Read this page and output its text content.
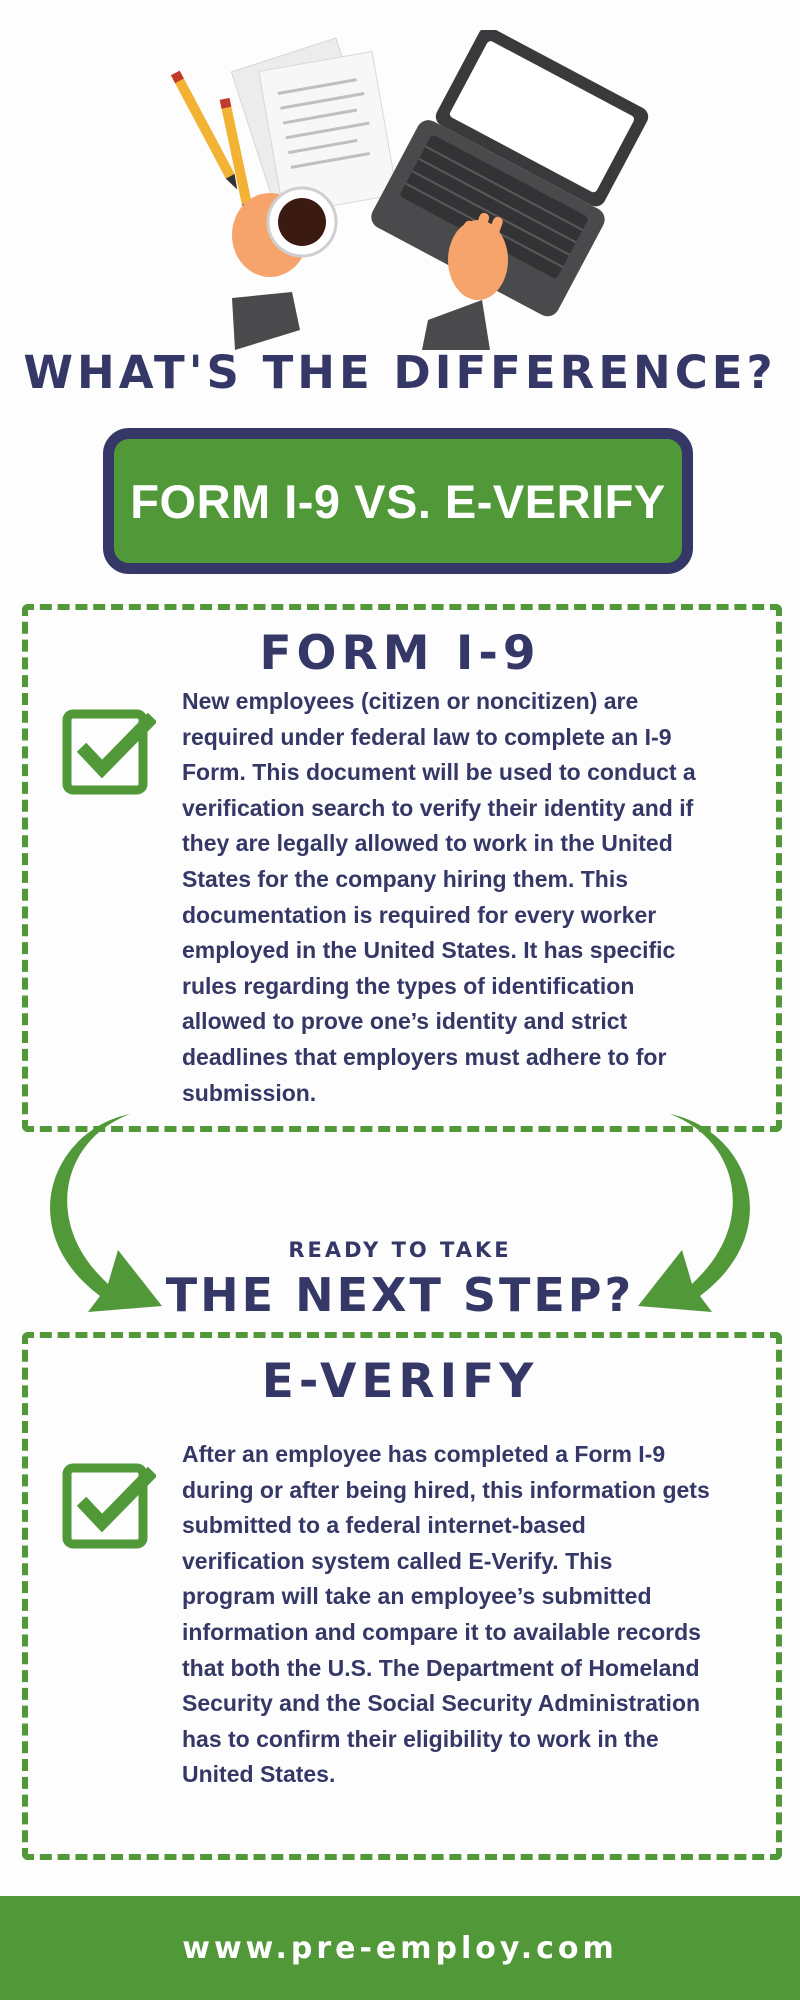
WHAT'S THE DIFFERENCE?
FORM I-9 VS. E-VERIFY
FORM I-9
New employees (citizen or noncitizen) are required under federal law to complete an I-9 Form. This document will be used to conduct a verification search to verify their identity and if they are legally allowed to work in the United States for the company hiring them. This documentation is required for every worker employed in the United States. It has specific rules regarding the types of identification allowed to prove one’s identity and strict deadlines that employers must adhere to for submission.
READY TO TAKE
THE NEXT STEP?
E-VERIFY
After an employee has completed a Form I-9 during or after being hired, this information gets submitted to a federal internet-based verification system called E-Verify. This program will take an employee’s submitted information and compare it to available records that both the U.S. The Department of Homeland Security and the Social Security Administration has to confirm their eligibility to work in the United States.
www.pre-employ.com
